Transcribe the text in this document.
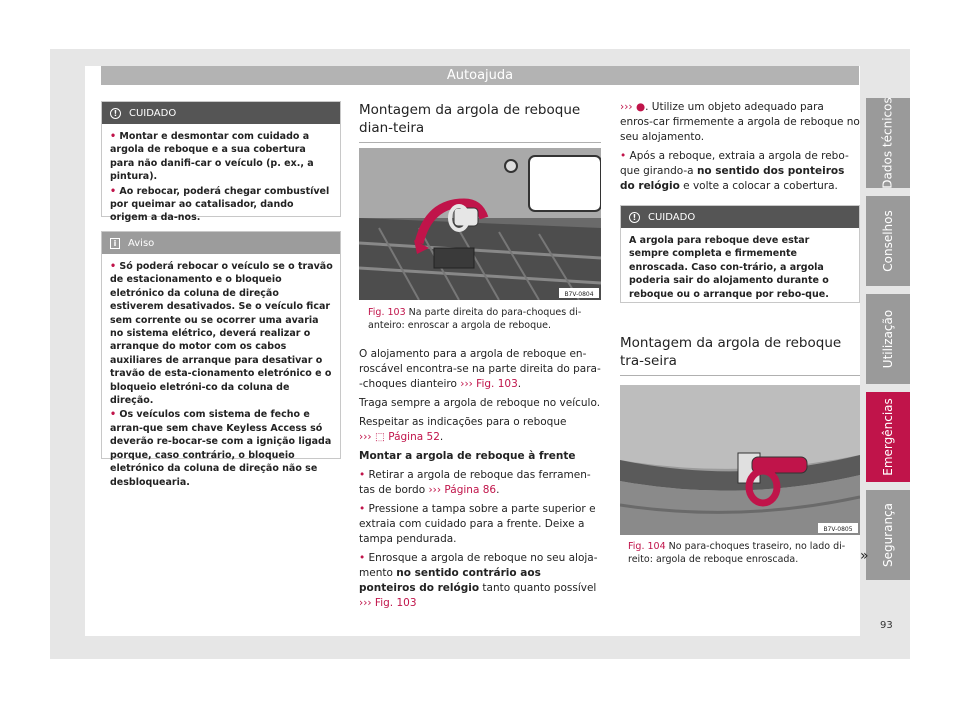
Autoajuda
Dados técnicos
Conselhos
Utilização
Emergências
Segurança
93
!	CUIDADO

• Montar e desmontar com cuidado a argola de reboque e a sua cobertura para não danifi-car o veículo (p. ex., a pintura).

• Ao rebocar, poderá chegar combustível por queimar ao catalisador, dando origem a da-nos.

i	Aviso

• Só poderá rebocar o veículo se o travão de estacionamento e o bloqueio eletrónico da coluna de direção estiverem desativados. Se o veículo ficar sem corrente ou se ocorrer uma avaria no sistema elétrico, deverá realizar o arranque do motor com os cabos auxiliares de arranque para desativar o travão de esta-cionamento eletrónico e o bloqueio eletróni-co da coluna de direção.

• Os veículos com sistema de fecho e arran-que sem chave Keyless Access só deverão re-bocar-se com a ignição ligada porque, caso contrário, o bloqueio eletrónico da coluna de direção não se desbloquearia.

Montagem da argola de reboque dian-teira
B7V-0804
Fig. 103 Na parte direita do para-choques di-anteiro: enroscar a argola de reboque.

O alojamento para a argola de reboque en-roscável encontra-se na parte direita do para--choques dianteiro ››› Fig. 103.

Traga sempre a argola de reboque no veículo.

Respeitar as indicações para o reboque
››› ⬚ Página 52.

Montar a argola de reboque à frente

• Retirar a argola de reboque das ferramen-tas de bordo ››› Página 86.

• Pressione a tampa sobre a parte superior e extraia com cuidado para a frente. Deixe a tampa pendurada.

• Enrosque a argola de reboque no seu aloja-mento no sentido contrário aos ponteiros do relógio tanto quanto possível ››› Fig. 103

››› ●. Utilize um objeto adequado para enros-car firmemente a argola de reboque no seu alojamento.

• Após a reboque, extraia a argola de rebo-que girando-a no sentido dos ponteiros do relógio e volte a colocar a cobertura.

!	CUIDADO
A argola para reboque deve estar sempre completa e firmemente enroscada. Caso con-trário, a argola poderia sair do alojamento durante o reboque ou o arranque por rebo-que.
Montagem da argola de reboque tra-seira
B7V-0805
Fig. 104 No para-choques traseiro, no lado di-reito: argola de reboque enroscada.	»
